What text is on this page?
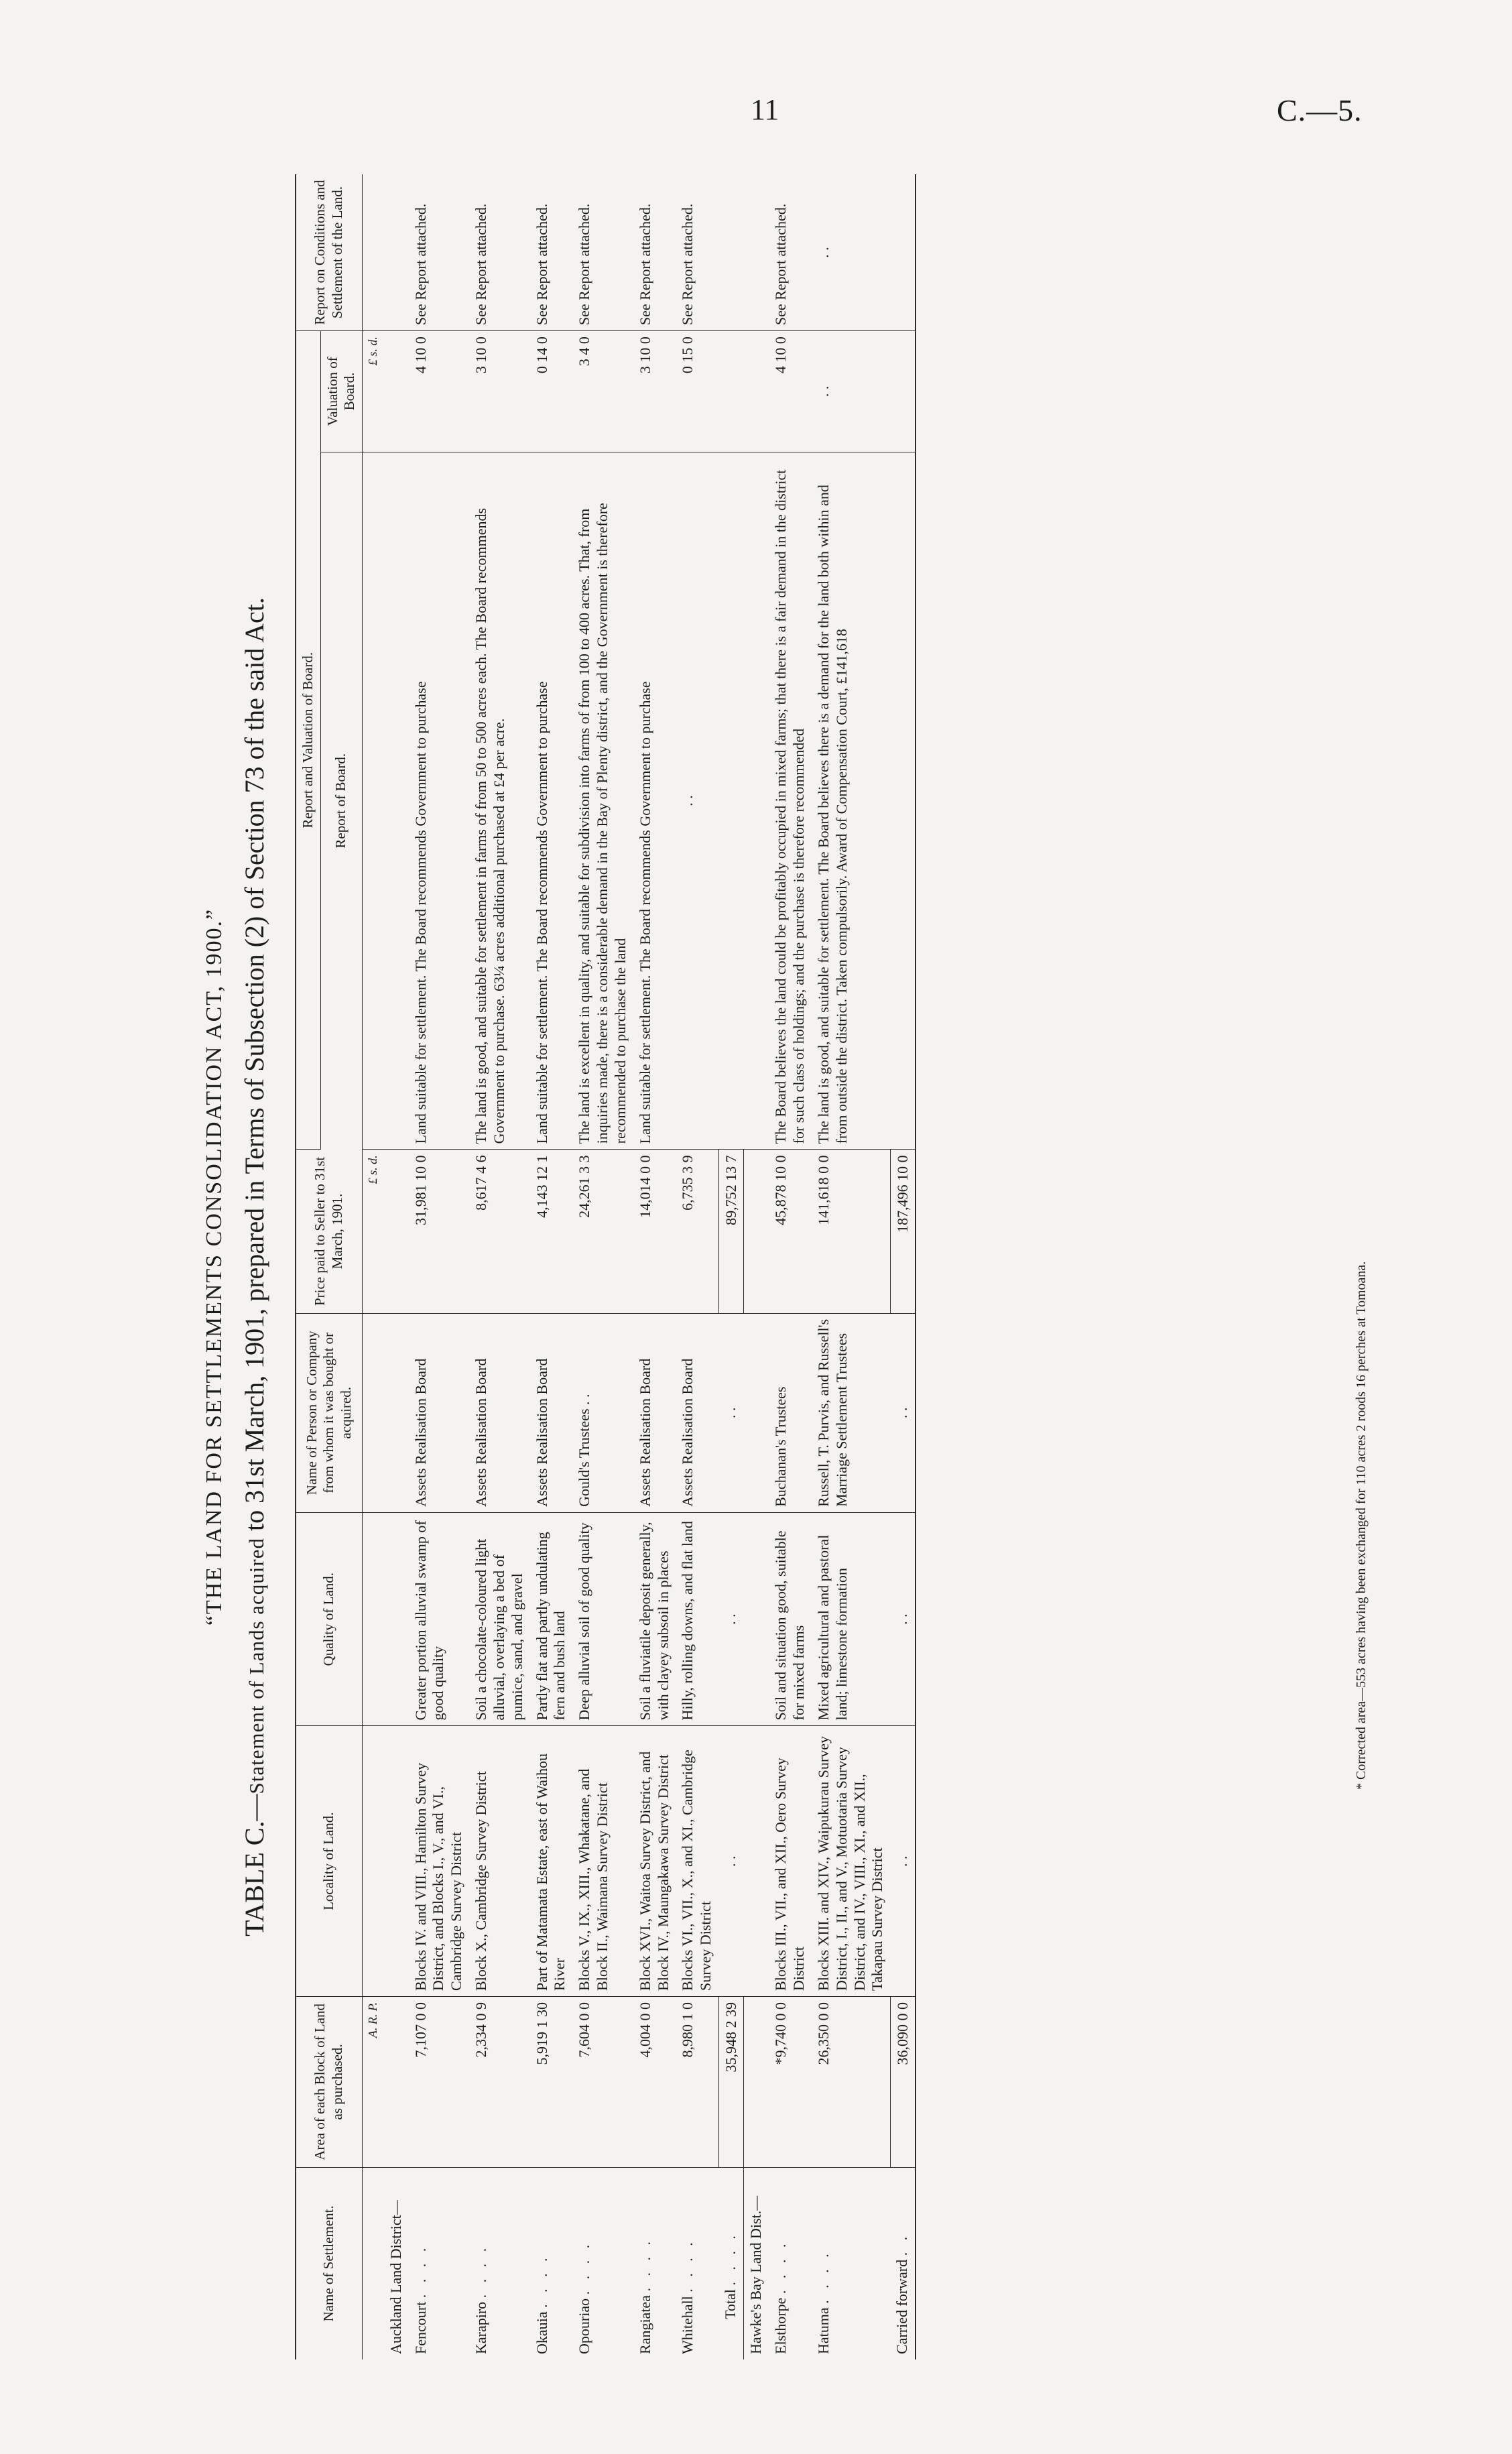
11	C.—5.
“THE LAND FOR SETTLEMENTS CONSOLIDATION ACT, 1900.”
TABLE C.—Statement of Lands acquired to 31st March, 1901, prepared in Terms of Subsection (2) of Section 73 of the said Act.
Name of Settlement.	Area of each Block of Land as purchased.	Locality of Land.	Quality of Land.	Name of Person or Company from whom it was bought or acquired.	Price paid to Seller to 31st March, 1901.	Report and Valuation of Board.		Report on Conditions and Settlement of the Land.
						Report of Board.	Valuation of Board.	
	A. R. P.				£ s. d.		£ s. d.	
Auckland Land District—								
Fencourt . . . .	7,107 0 0	Blocks IV. and VIII., Hamilton Survey District, and Blocks I., V., and VI., Cambridge Survey District	Greater portion alluvial swamp of good quality	Assets Realisation Board	31,981 10 0	Land suitable for settlement. The Board recommends Government to purchase	4 10 0	See Report attached.
Karapiro . . . .	2,334 0 9	Block X., Cambridge Survey District	Soil a chocolate-coloured light alluvial, overlaying a bed of pumice, sand, and gravel	Assets Realisation Board	8,617 4 6	The land is good, and suitable for settlement in farms of from 50 to 500 acres each. The Board recommends Government to purchase. 63¼ acres additional purchased at £4 per acre.	3 10 0	See Report attached.
Okauia . . . .	5,919 1 30	Part of Matamata Estate, east of Waihou River	Partly flat and partly undulating fern and bush land	Assets Realisation Board	4,143 12 1	Land suitable for settlement. The Board recommends Government to purchase	0 14 0	See Report attached.
Opouriao . . . .	7,604 0 0	Blocks V., IX., XIII., Whakatane, and Block II., Waimana Survey District	Deep alluvial soil of good quality	Gould's Trustees . .	24,261 3 3	The land is excellent in quality, and suitable for subdivision into farms of from 100 to 400 acres. That, from inquiries made, there is a considerable demand in the Bay of Plenty district, and the Government is therefore recommended to purchase the land	3 4 0	See Report attached.
Rangiatea . . . .	4,004 0 0	Block XVI., Waitoa Survey District, and Block IV., Maungakawa Survey District	Soil a fluviatile deposit generally, with clayey subsoil in places	Assets Realisation Board	14,014 0 0	Land suitable for settlement. The Board recommends Government to purchase	3 10 0	See Report attached.
Whitehall . . . .	8,980 1 0	Blocks VI., VII., X., and XI., Cambridge Survey District	Hilly, rolling downs, and flat land	Assets Realisation Board	6,735 3 9	. .	0 15 0	See Report attached.
Total . . . .	35,948 2 39	. .	. .	. .	89,752 13 7			
Hawke's Bay Land Dist.—								
Elsthorpe . . . .	*9,740 0 0	Blocks III., VII., and XII., Oero Survey District	Soil and situation good, suitable for mixed farms	Buchanan's Trustees	45,878 10 0	The Board believes the land could be profitably occupied in mixed farms; that there is a fair demand in the district for such class of holdings; and the purchase is therefore recommended	4 10 0	See Report attached.
Hatuma . . . .	26,350 0 0	Blocks XIII. and XIV., Waipukurau Survey District, I., II., and V., Motuotaria Survey District, and IV., VIII., XI., and XII., Takapau Survey District	Mixed agricultural and pastoral land; limestone formation	Russell, T. Purvis, and Russell's Marriage Settlement Trustees	141,618 0 0	The land is good, and suitable for settlement. The Board believes there is a demand for the land both within and from outside the district. Taken compulsorily. Award of Compensation Court, £141,618	. .	. .
Carried forward . .	36,090 0 0	. .	. .	. .	187,496 10 0			
* Corrected area—553 acres having been exchanged for 110 acres 2 roods 16 perches at Tomoana.
